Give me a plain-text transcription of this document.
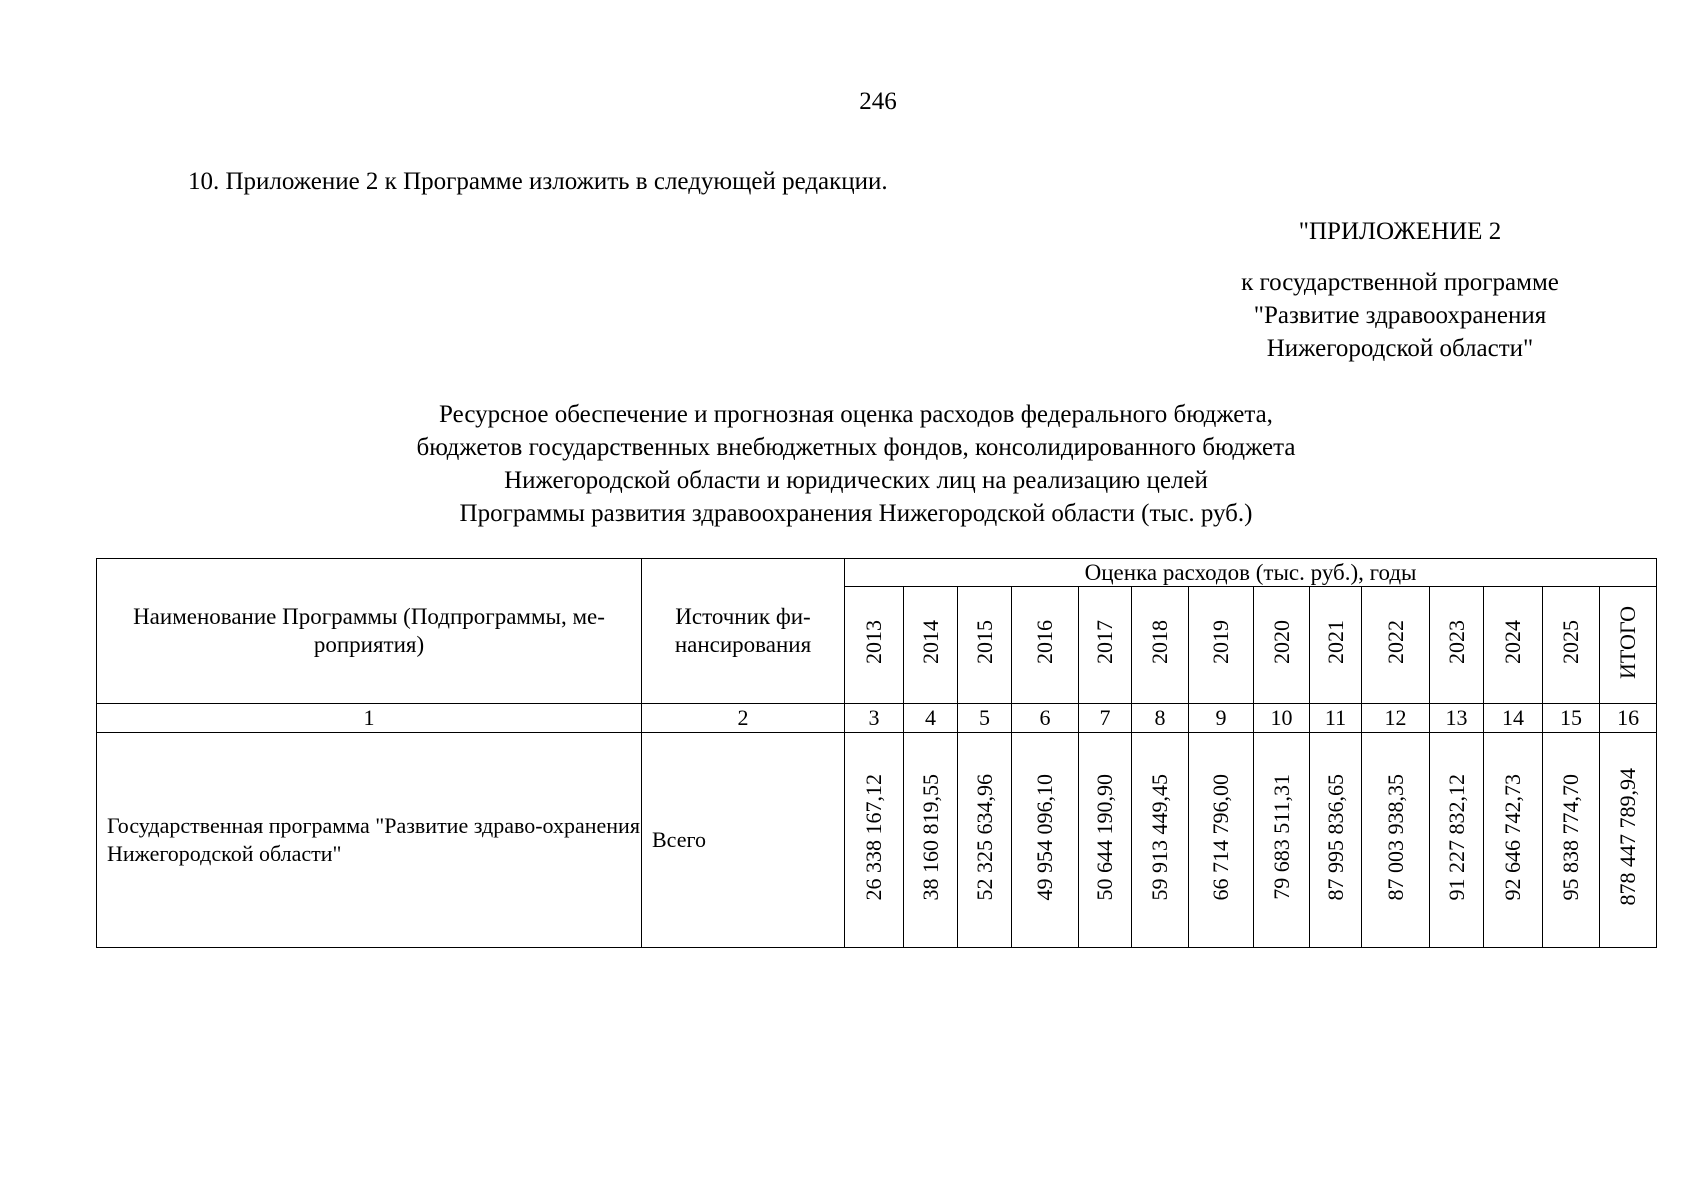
246
10. Приложение 2 к Программе изложить в следующей редакции.
"ПРИЛОЖЕНИЕ 2
к государственной программе
"Развитие здравоохранения
Нижегородской области"
Ресурсное обеспечение и прогнозная оценка расходов федерального бюджета,
бюджетов государственных внебюджетных фондов, консолидированного бюджета
Нижегородской области и юридических лиц на реализацию целей
Программы развития здравоохранения Нижегородской области (тыс. руб.)
Наименование Программы (Подпрограммы, ме-роприятия)	Источник фи-нансирования	Оценка расходов (тыс. руб.), годы													
		2013	2014	2015	2016	2017	2018	2019	2020	2021	2022	2023	2024	2025	ИТОГО
1	2	3	4	5	6	7	8	9	10	11	12	13	14	15	16
Государственная программа "Развитие здраво-охранения Нижегородской области"	Всего	26 338 167,12	38 160 819,55	52 325 634,96	49 954 096,10	50 644 190,90	59 913 449,45	66 714 796,00	79 683 511,31	87 995 836,65	87 003 938,35	91 227 832,12	92 646 742,73	95 838 774,70	878 447 789,94
